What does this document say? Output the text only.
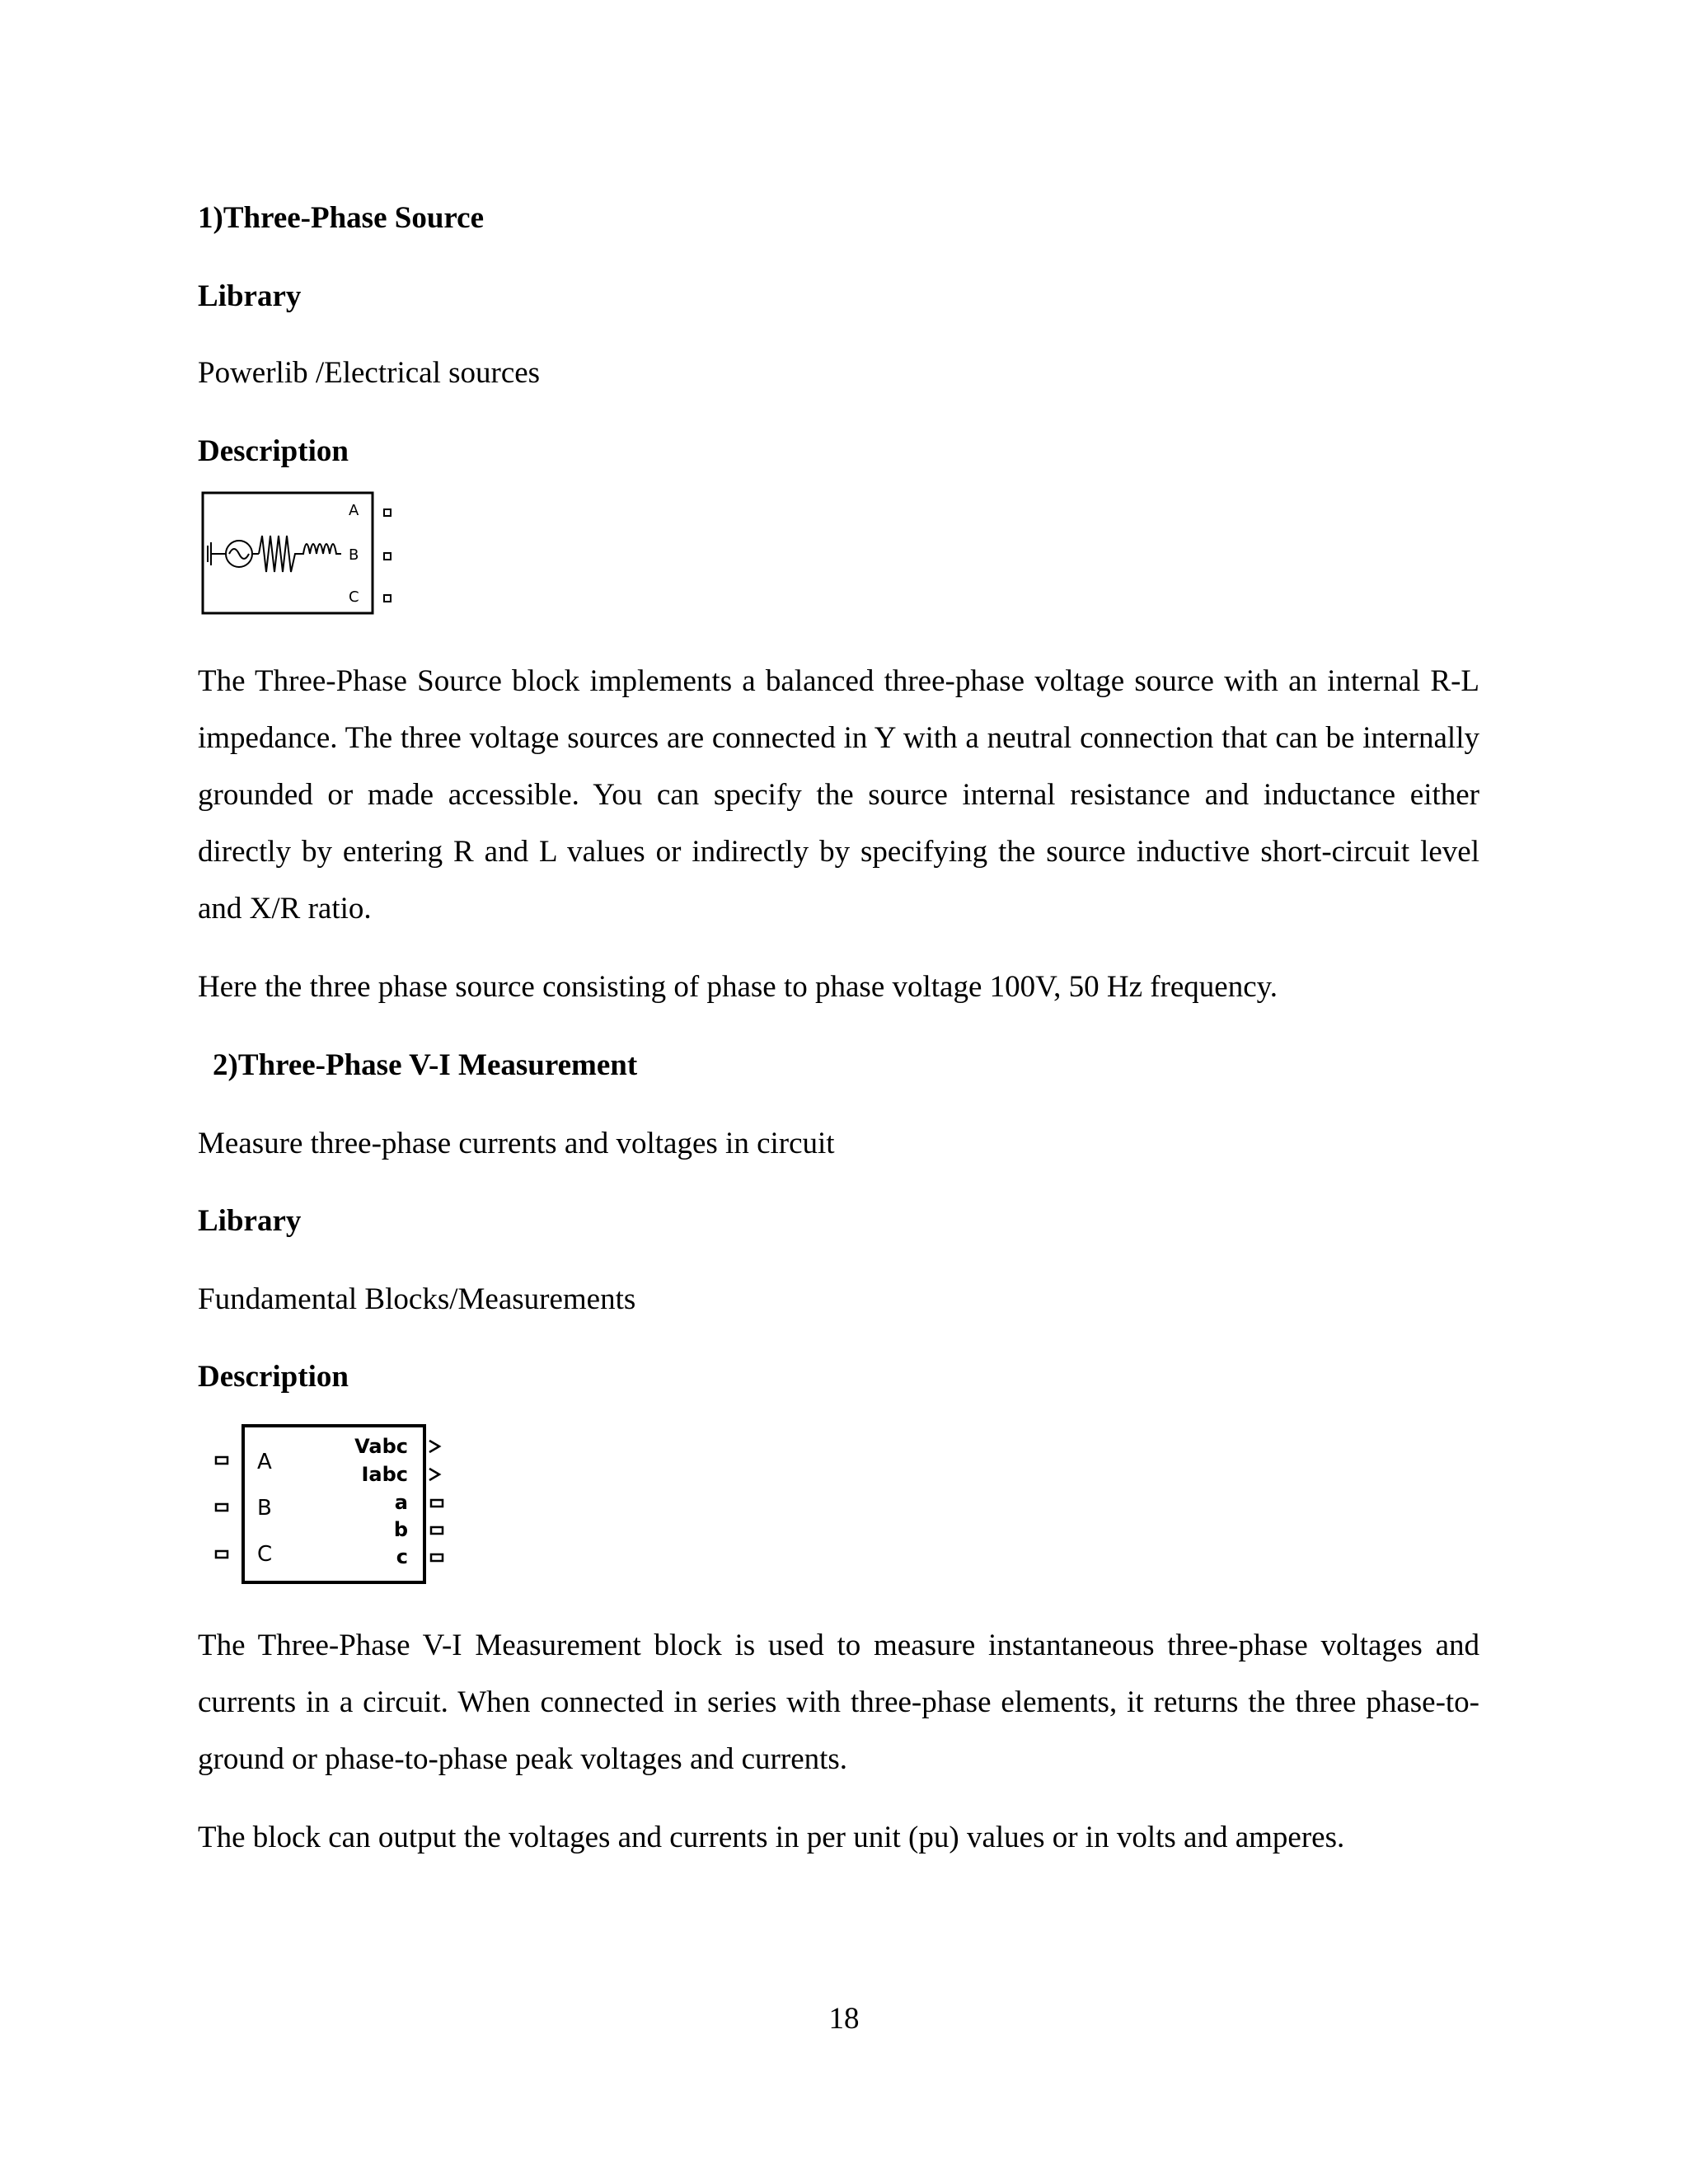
1)Three-Phase Source

Library

Powerlib /Electrical sources

Description

A
B
C

The Three-Phase Source block implements a balanced three-phase voltage source with an internal R-L impedance. The three voltage sources are connected in Y with a neutral connection that can be internally grounded or made accessible. You can specify the source internal resistance and inductance either directly by entering R and L values or indirectly by specifying the source inductive short-circuit level and X/R ratio.

Here the three phase source consisting of phase to phase voltage 100V, 50 Hz frequency.

2)Three-Phase V-I Measurement

Measure three-phase currents and voltages in circuit

Library

Fundamental Blocks/Measurements

Description

A
B
C
Vabc
Iabc
a
b
c

The Three-Phase V-I Measurement block is used to measure instantaneous three-phase voltages and currents in a circuit. When connected in series with three-phase elements, it returns the three phase-to-ground or phase-to-phase peak voltages and currents.

The block can output the voltages and currents in per unit (pu) values or in volts and amperes.

18
